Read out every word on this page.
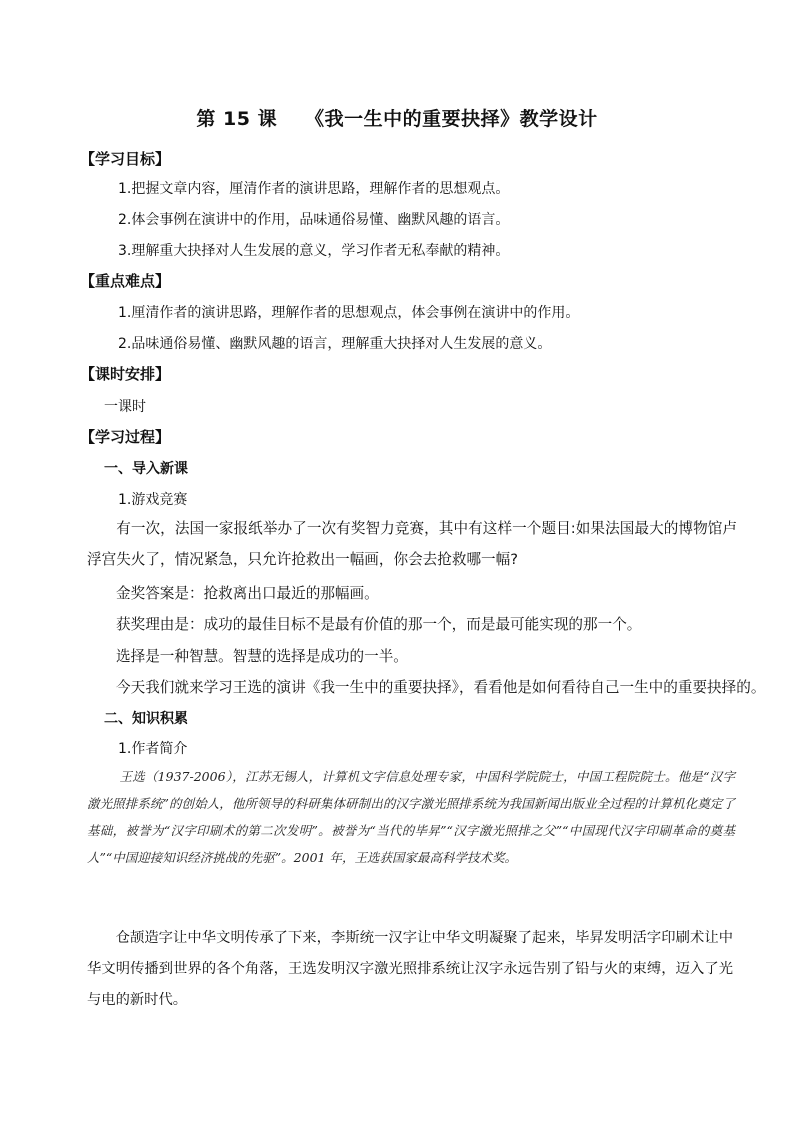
第 15 课 《我一生中的重要抉择》教学设计
【学习目标】
1.把握文章内容，厘清作者的演讲思路，理解作者的思想观点。
2.体会事例在演讲中的作用，品味通俗易懂、幽默风趣的语言。
3.理解重大抉择对人生发展的意义，学习作者无私奉献的精神。
【重点难点】
1.厘清作者的演讲思路，理解作者的思想观点，体会事例在演讲中的作用。
2.品味通俗易懂、幽默风趣的语言，理解重大抉择对人生发展的意义。
【课时安排】
一课时
【学习过程】
一、导入新课
1.游戏竞赛
有一次，法国一家报纸举办了一次有奖智力竞赛，其中有这样一个题目:如果法国最大的博物馆卢浮宫失火了，情况紧急，只允许抢救出一幅画，你会去抢救哪一幅?
金奖答案是：抢救离出口最近的那幅画。
获奖理由是：成功的最佳目标不是最有价值的那一个，而是最可能实现的那一个。
选择是一种智慧。智慧的选择是成功的一半。
今天我们就来学习王选的演讲《我一生中的重要抉择》，看看他是如何看待自己一生中的重要抉择的。
二、知识积累
1.作者简介
王选（1937-2006），江苏无锡人，计算机文字信息处理专家，中国科学院院士，中国工程院院士。他是“汉字激光照排系统”的创始人，他所领导的科研集体研制出的汉字激光照排系统为我国新闻出版业全过程的计算机化奠定了基础，被誉为“汉字印刷术的第二次发明”。被誉为“当代的毕昇”“汉字激光照排之父”“中国现代汉字印刷革命的奠基人”“中国迎接知识经济挑战的先驱”。2001 年，王选获国家最高科学技术奖。
仓颉造字让中华文明传承了下来，李斯统一汉字让中华文明凝聚了起来，毕昇发明活字印刷术让中华文明传播到世界的各个角落，王选发明汉字激光照排系统让汉字永远告别了铅与火的束缚，迈入了光与电的新时代。
